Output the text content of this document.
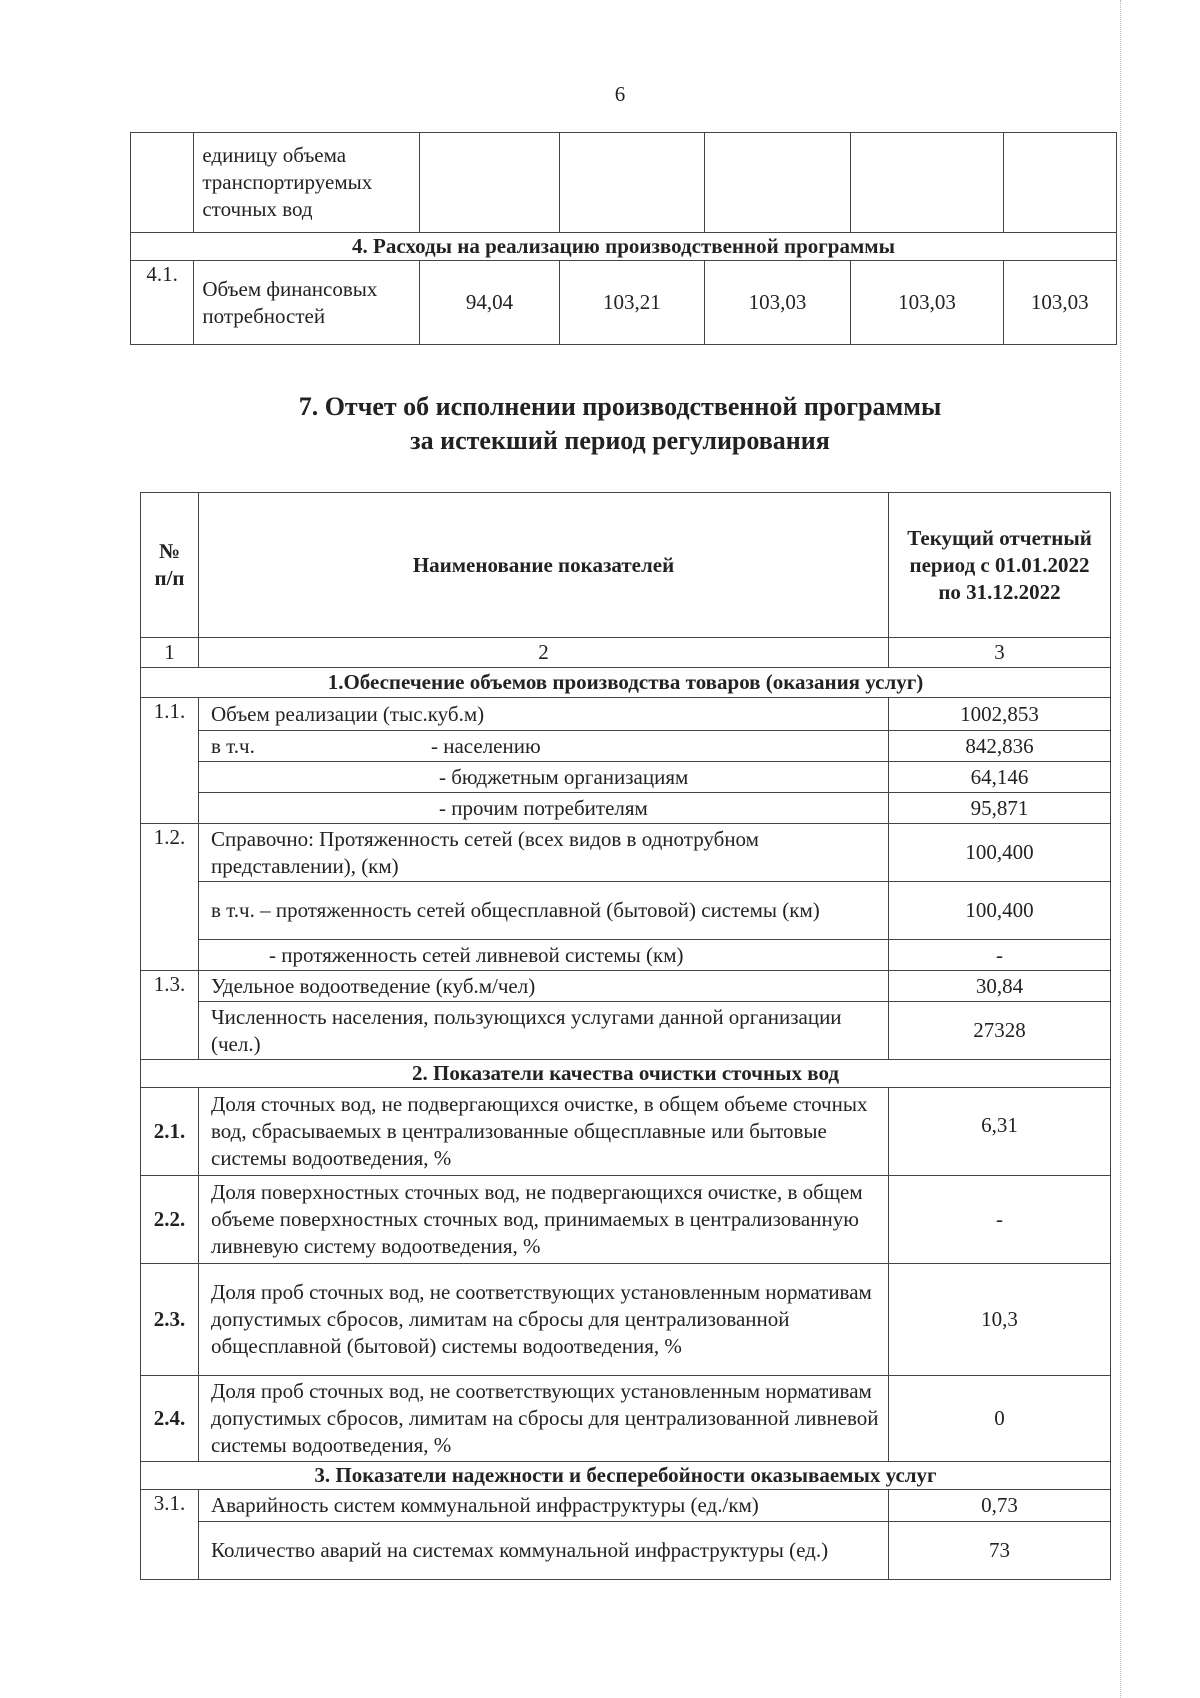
6
	единицу объема транспортируемых сточных вод					
4. Расходы на реализацию производственной программы						
4.1.	Объем финансовых потребностей	94,04	103,21	103,03	103,03	103,03
7. Отчет об исполнении производственной программы
за истекший период регулирования
№ п/п	Наименование показателей	Текущий отчетный период с 01.01.2022 по 31.12.2022
1	2	3
1.Обеспечение объемов производства товаров (оказания услуг)		
1.1.	Объем реализации (тыс.куб.м)	1002,853
	в т.ч. - населению	842,836
	- бюджетным организациям	64,146
	- прочим потребителям	95,871
1.2.	Справочно: Протяженность сетей (всех видов в однотрубном представлении), (км)	100,400
	в т.ч. – протяженность сетей общесплавной (бытовой) системы (км)	100,400
	- протяженность сетей ливневой системы (км)	-
1.3.	Удельное водоотведение (куб.м/чел)	30,84
	Численность населения, пользующихся услугами данной организации (чел.)	27328
2. Показатели качества очистки сточных вод		
2.1.	Доля сточных вод, не подвергающихся очистке, в общем объеме сточных вод, сбрасываемых в централизованные общесплавные или бытовые системы водоотведения, %	6,31
2.2.	Доля поверхностных сточных вод, не подвергающихся очистке, в общем объеме поверхностных сточных вод, принимаемых в централизованную ливневую систему водоотведения, %	-
2.3.	Доля проб сточных вод, не соответствующих установленным нормативам допустимых сбросов, лимитам на сбросы для централизованной общесплавной (бытовой) системы водоотведения, %	10,3
2.4.	Доля проб сточных вод, не соответствующих установленным нормативам допустимых сбросов, лимитам на сбросы для централизованной ливневой системы водоотведения, %	0
3. Показатели надежности и бесперебойности оказываемых услуг		
3.1.	Аварийность систем коммунальной инфраструктуры (ед./км)	0,73
	Количество аварий на системах коммунальной инфраструктуры (ед.)	73
